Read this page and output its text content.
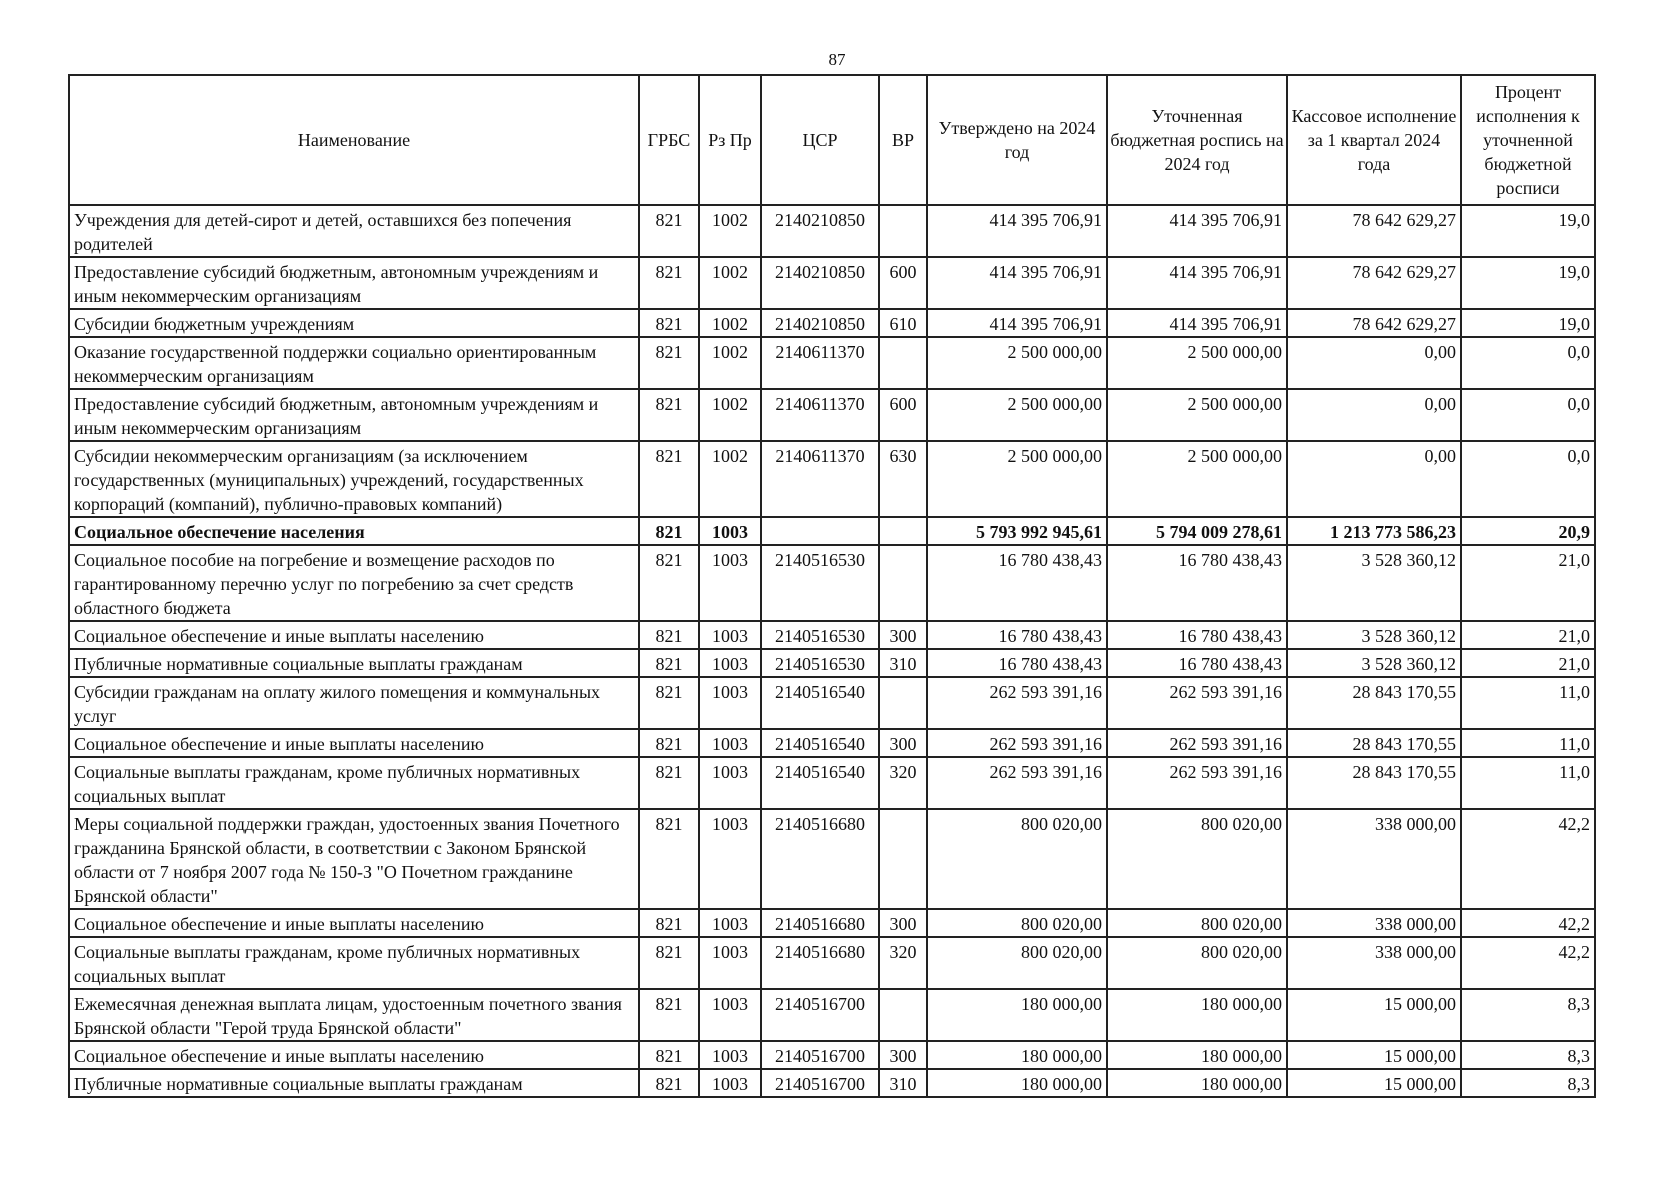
87
Наименование	ГРБС	Рз Пр	ЦСР	ВР	Утверждено на 2024 год	Уточненная бюджетная роспись на 2024 год	Кассовое исполнение за 1 квартал 2024 года	Процент исполнения к уточненной бюджетной росписи
Учреждения для детей-сирот и детей, оставшихся без попечения родителей	821	1002	2140210850		414 395 706,91	414 395 706,91	78 642 629,27	19,0
Предоставление субсидий бюджетным, автономным учреждениям и иным некоммерческим организациям	821	1002	2140210850	600	414 395 706,91	414 395 706,91	78 642 629,27	19,0
Субсидии бюджетным учреждениям	821	1002	2140210850	610	414 395 706,91	414 395 706,91	78 642 629,27	19,0
Оказание государственной поддержки социально ориентированным некоммерческим организациям	821	1002	2140611370		2 500 000,00	2 500 000,00	0,00	0,0
Предоставление субсидий бюджетным, автономным учреждениям и иным некоммерческим организациям	821	1002	2140611370	600	2 500 000,00	2 500 000,00	0,00	0,0
Субсидии некоммерческим организациям (за исключением государственных (муниципальных) учреждений, государственных корпораций (компаний), публично-правовых компаний)	821	1002	2140611370	630	2 500 000,00	2 500 000,00	0,00	0,0
Социальное обеспечение населения	821	1003			5 793 992 945,61	5 794 009 278,61	1 213 773 586,23	20,9
Социальное пособие на погребение и возмещение расходов по гарантированному перечню услуг по погребению за счет средств областного бюджета	821	1003	2140516530		16 780 438,43	16 780 438,43	3 528 360,12	21,0
Социальное обеспечение и иные выплаты населению	821	1003	2140516530	300	16 780 438,43	16 780 438,43	3 528 360,12	21,0
Публичные нормативные социальные выплаты гражданам	821	1003	2140516530	310	16 780 438,43	16 780 438,43	3 528 360,12	21,0
Субсидии гражданам на оплату жилого помещения и коммунальных услуг	821	1003	2140516540		262 593 391,16	262 593 391,16	28 843 170,55	11,0
Социальное обеспечение и иные выплаты населению	821	1003	2140516540	300	262 593 391,16	262 593 391,16	28 843 170,55	11,0
Социальные выплаты гражданам, кроме публичных нормативных социальных выплат	821	1003	2140516540	320	262 593 391,16	262 593 391,16	28 843 170,55	11,0
Меры социальной поддержки граждан, удостоенных звания Почетного гражданина Брянской области, в соответствии с Законом Брянской области от 7 ноября 2007 года № 150-З "О Почетном гражданине Брянской области"	821	1003	2140516680		800 020,00	800 020,00	338 000,00	42,2
Социальное обеспечение и иные выплаты населению	821	1003	2140516680	300	800 020,00	800 020,00	338 000,00	42,2
Социальные выплаты гражданам, кроме публичных нормативных социальных выплат	821	1003	2140516680	320	800 020,00	800 020,00	338 000,00	42,2
Ежемесячная денежная выплата лицам, удостоенным почетного звания Брянской области "Герой труда Брянской области"	821	1003	2140516700		180 000,00	180 000,00	15 000,00	8,3
Социальное обеспечение и иные выплаты населению	821	1003	2140516700	300	180 000,00	180 000,00	15 000,00	8,3
Публичные нормативные социальные выплаты гражданам	821	1003	2140516700	310	180 000,00	180 000,00	15 000,00	8,3
